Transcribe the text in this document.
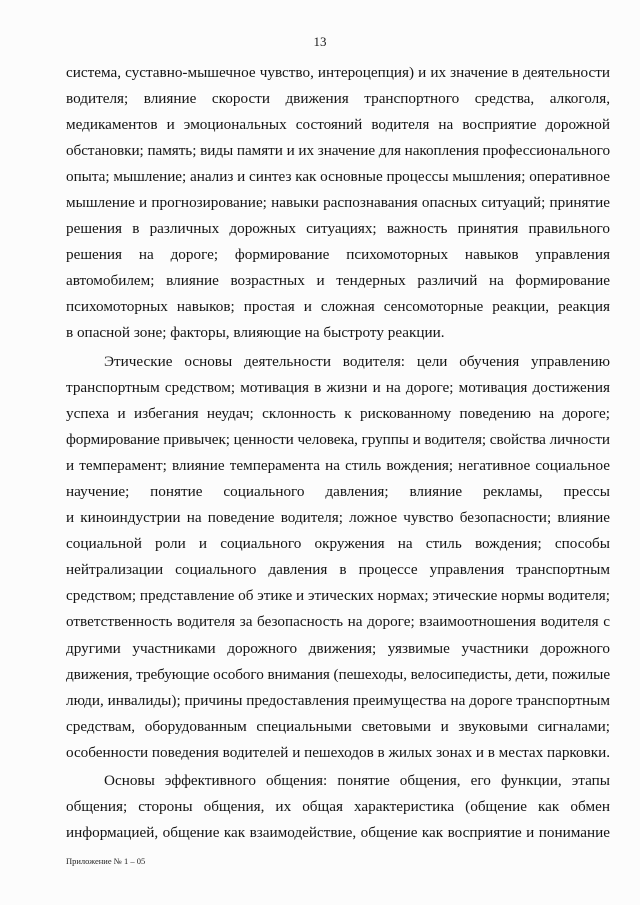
13
система, суставно-мышечное чувство, интероцепция) и их значение в деятельности
водителя; влияние скорости движения транспортного средства, алкоголя,
медикаментов и эмоциональных состояний водителя на восприятие дорожной
обстановки; память; виды памяти и их значение для накопления профессионального
опыта; мышление; анализ и синтез как основные процессы мышления; оперативное
мышление и прогнозирование; навыки распознавания опасных ситуаций; принятие
решения в различных дорожных ситуациях; важность принятия правильного
решения на дороге; формирование психомоторных навыков управления
автомобилем; влияние возрастных и тендерных различий на формирование
психомоторных навыков; простая и сложная сенсомоторные реакции, реакция
в опасной зоне; факторы, влияющие на быстроту реакции.
Этические основы деятельности водителя: цели обучения управлению
транспортным средством; мотивация в жизни и на дороге; мотивация достижения
успеха и избегания неудач; склонность к рискованному поведению на дороге;
формирование привычек; ценности человека, группы и водителя; свойства личности
и темперамент; влияние темперамента на стиль вождения; негативное социальное
научение; понятие социального давления; влияние рекламы, прессы
и киноиндустрии на поведение водителя; ложное чувство безопасности; влияние
социальной роли и социального окружения на стиль вождения; способы
нейтрализации социального давления в процессе управления транспортным
средством; представление об этике и этических нормах; этические нормы водителя;
ответственность водителя за безопасность на дороге; взаимоотношения водителя с
другими участниками дорожного движения; уязвимые участники дорожного
движения, требующие особого внимания (пешеходы, велосипедисты, дети, пожилые
люди, инвалиды); причины предоставления преимущества на дороге транспортным
средствам, оборудованным специальными световыми и звуковыми сигналами;
особенности поведения водителей и пешеходов в жилых зонах и в местах парковки.
Основы эффективного общения: понятие общения, его функции, этапы
общения; стороны общения, их общая характеристика (общение как обмен
информацией, общение как взаимодействие, общение как восприятие и понимание
Приложение № 1 – 05
